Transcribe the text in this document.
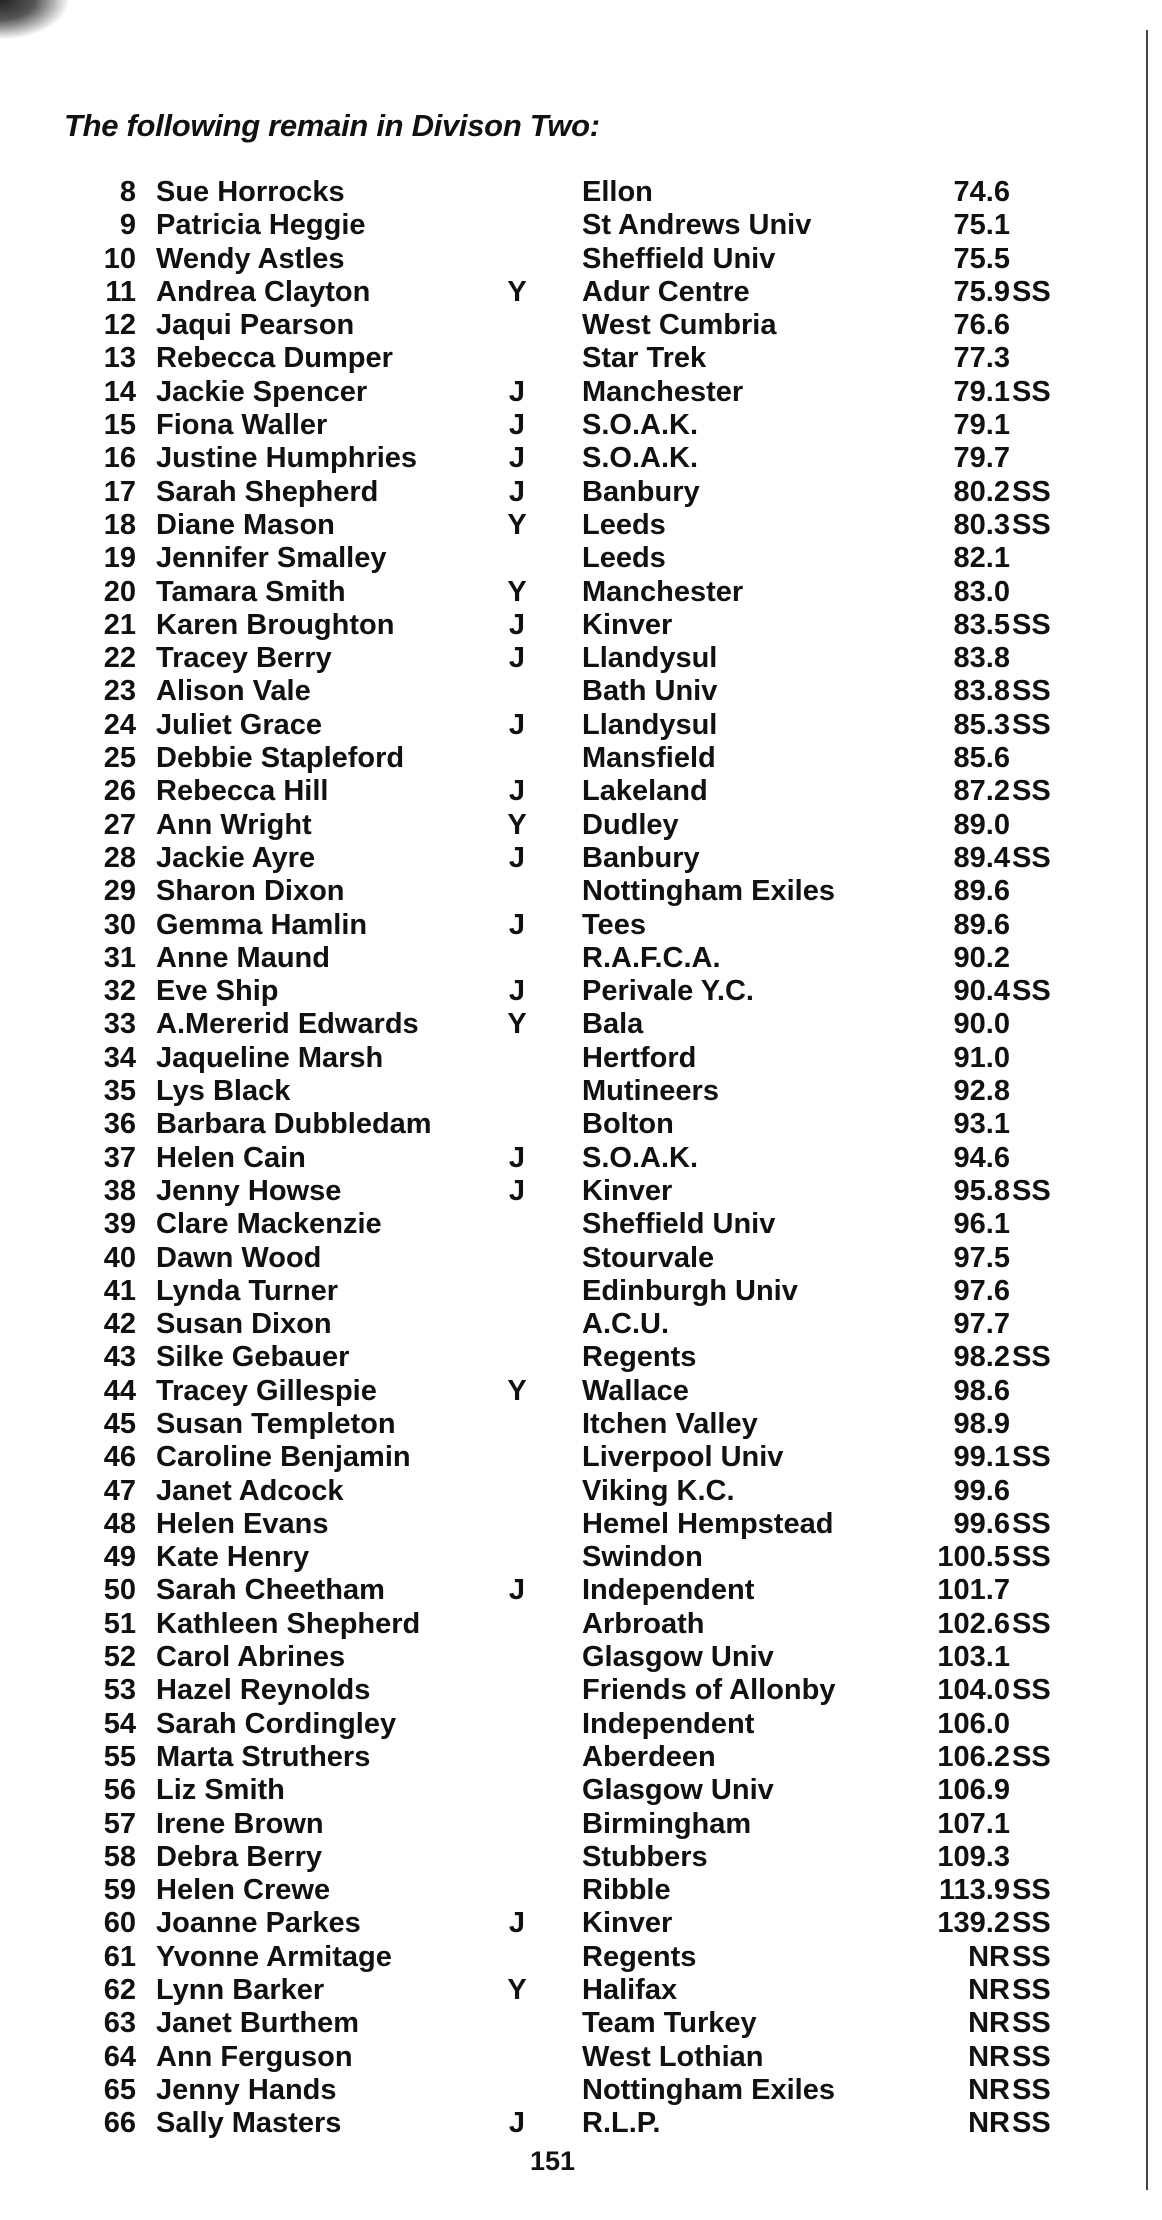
The following remain in Divison Two:
8 Sue Horrocks	Ellon	74.6
9 Patricia Heggie	St Andrews Univ	75.1
10 Wendy Astles	Sheffield Univ	75.5
11 Andrea Clayton	Y	Adur Centre	75.9 SS
12 Jaqui Pearson	West Cumbria	76.6
13 Rebecca Dumper	Star Trek	77.3
14 Jackie Spencer	J	Manchester	79.1 SS
15 Fiona Waller	J	S.O.A.K.	79.1
16 Justine Humphries	J	S.O.A.K.	79.7
17 Sarah Shepherd	J	Banbury	80.2 SS
18 Diane Mason	Y	Leeds	80.3 SS
19 Jennifer Smalley	Leeds	82.1
20 Tamara Smith	Y	Manchester	83.0
21 Karen Broughton	J	Kinver	83.5 SS
22 Tracey Berry	J	Llandysul	83.8
23 Alison Vale	Bath Univ	83.8 SS
24 Juliet Grace	J	Llandysul	85.3 SS
25 Debbie Stapleford	Mansfield	85.6
26 Rebecca Hill	J	Lakeland	87.2 SS
27 Ann Wright	Y	Dudley	89.0
28 Jackie Ayre	J	Banbury	89.4 SS
29 Sharon Dixon	Nottingham Exiles	89.6
30 Gemma Hamlin	J	Tees	89.6
31 Anne Maund	R.A.F.C.A.	90.2
32 Eve Ship	J	Perivale Y.C.	90.4 SS
33 A.Mererid Edwards	Y	Bala	90.0
34 Jaqueline Marsh	Hertford	91.0
35 Lys Black	Mutineers	92.8
36 Barbara Dubbledam	Bolton	93.1
37 Helen Cain	J	S.O.A.K.	94.6
38 Jenny Howse	J	Kinver	95.8 SS
39 Clare Mackenzie	Sheffield Univ	96.1
40 Dawn Wood	Stourvale	97.5
41 Lynda Turner	Edinburgh Univ	97.6
42 Susan Dixon	A.C.U.	97.7
43 Silke Gebauer	Regents	98.2 SS
44 Tracey Gillespie	Y	Wallace	98.6
45 Susan Templeton	Itchen Valley	98.9
46 Caroline Benjamin	Liverpool Univ	99.1 SS
47 Janet Adcock	Viking K.C.	99.6
48 Helen Evans	Hemel Hempstead	99.6 SS
49 Kate Henry	Swindon	100.5 SS
50 Sarah Cheetham	J	Independent	101.7
51 Kathleen Shepherd	Arbroath	102.6 SS
52 Carol Abrines	Glasgow Univ	103.1
53 Hazel Reynolds	Friends of Allonby	104.0 SS
54 Sarah Cordingley	Independent	106.0
55 Marta Struthers	Aberdeen	106.2 SS
56 Liz Smith	Glasgow Univ	106.9
57 Irene Brown	Birmingham	107.1
58 Debra Berry	Stubbers	109.3
59 Helen Crewe	Ribble	113.9 SS
60 Joanne Parkes	J	Kinver	139.2 SS
61 Yvonne Armitage	Regents	NR SS
62 Lynn Barker	Y	Halifax	NR SS
63 Janet Burthem	Team Turkey	NR SS
64 Ann Ferguson	West Lothian	NR SS
65 Jenny Hands	Nottingham Exiles	NR SS
66 Sally Masters	J	R.L.P.	NR SS
151
